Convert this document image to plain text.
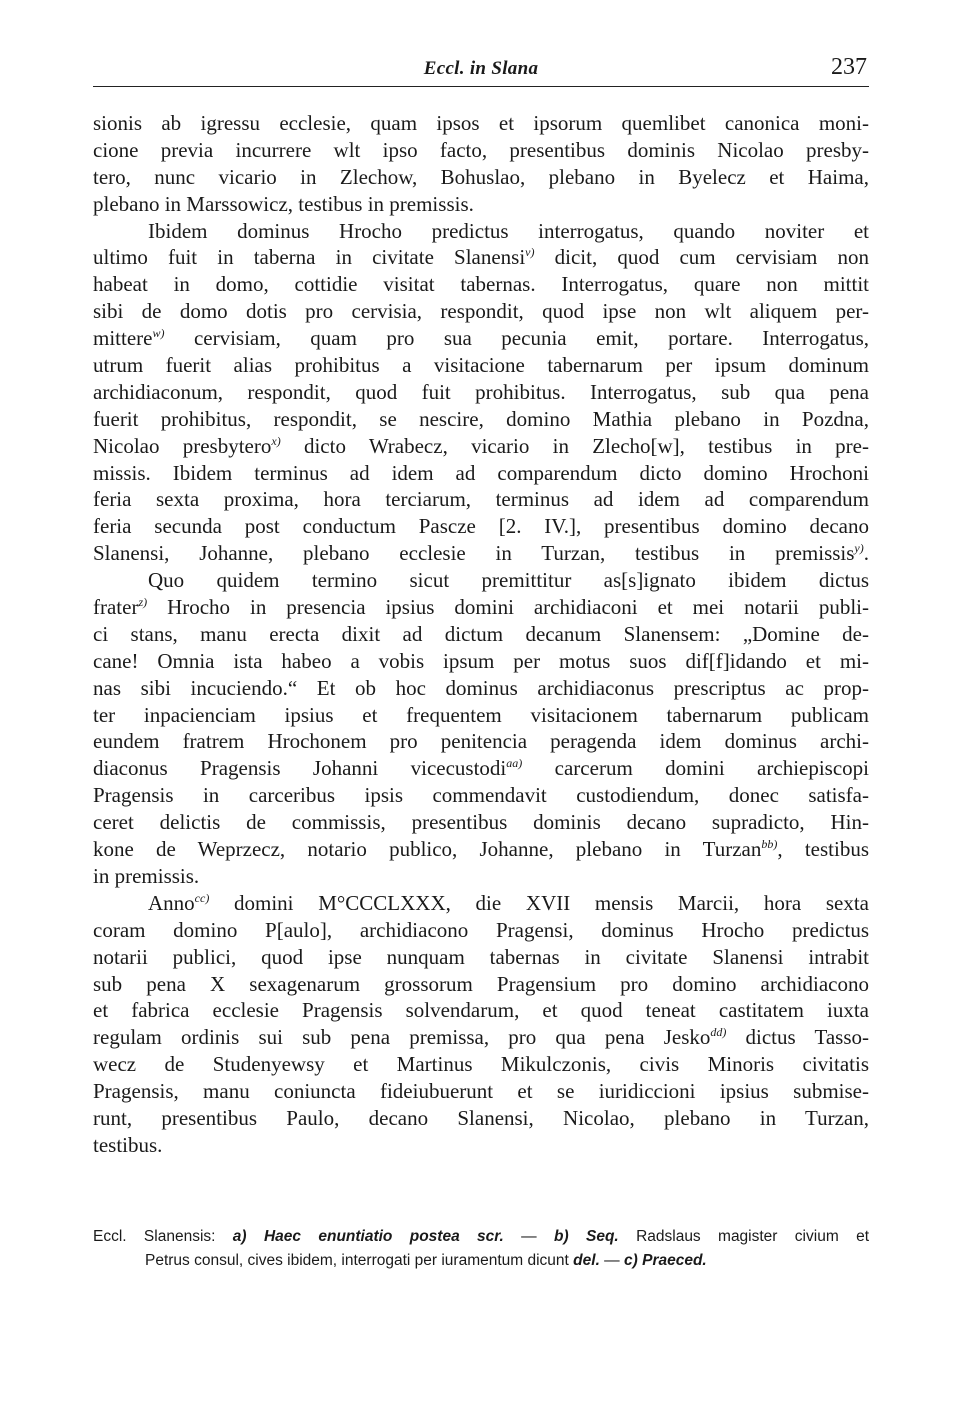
Eccl. in Slana	237
sionis ab igressu ecclesie, quam ipsos et ipsorum quemlibet canonica moni-
cione previa incurrere wlt ipso facto, presentibus dominis Nicolao presby-
tero, nunc vicario in Zlechow, Bohuslao, plebano in Byelecz et Haima,
plebano in Marssowicz, testibus in premissis.
Ibidem dominus Hrocho predictus interrogatus, quando noviter et
ultimo fuit in taberna in civitate Slanensi$^{v)}$ dicit, quod cum cervisiam non
habeat in domo, cottidie visitat tabernas. Interrogatus, quare non mittit
sibi de domo dotis pro cervisia, respondit, quod ipse non wlt aliquem per-
mittere$^{w)}$ cervisiam, quam pro sua pecunia emit, portare. Interrogatus,
utrum fuerit alias prohibitus a visitacione tabernarum per ipsum dominum
archidiaconum, respondit, quod fuit prohibitus. Interrogatus, sub qua pena
fuerit prohibitus, respondit, se nescire, domino Mathia plebano in Pozdna,
Nicolao presbytero$^{x)}$ dicto Wrabecz, vicario in Zlecho[w], testibus in pre-
missis. Ibidem terminus ad idem ad comparendum dicto domino Hrochoni
feria sexta proxima, hora terciarum, terminus ad idem ad comparendum
feria secunda post conductum Pascze [2. IV.], presentibus domino decano
Slanensi, Johanne, plebano ecclesie in Turzan, testibus in premissis$^{y)}$.
Quo quidem termino sicut premittitur as[s]ignato ibidem dictus
frater$^{z)}$ Hrocho in presencia ipsius domini archidiaconi et mei notarii publi-
ci stans, manu erecta dixit ad dictum decanum Slanensem: „Domine de-
cane! Omnia ista habeo a vobis ipsum per motus suos dif[f]idando et mi-
nas sibi incuciendo.“ Et ob hoc dominus archidiaconus prescriptus ac prop-
ter inpacienciam ipsius et frequentem visitacionem tabernarum publicam
eundem fratrem Hrochonem pro penitencia peragenda idem dominus archi-
diaconus Pragensis Johanni vicecustodi$^{aa)}$ carcerum domini archiepiscopi
Pragensis in carceribus ipsis commendavit custodiendum, donec satisfa-
ceret delictis de commissis, presentibus dominis decano supradicto, Hin-
kone de Weprzecz, notario publico, Johanne, plebano in Turzan$^{bb)}$, testibus
in premissis.
Anno$^{cc)}$ domini M°CCCLXXX, die XVII mensis Marcii, hora sexta
coram domino P[aulo], archidiacono Pragensi, dominus Hrocho predictus
notarii publici, quod ipse nunquam tabernas in civitate Slanensi intrabit
sub pena X sexagenarum grossorum Pragensium pro domino archidiacono
et fabrica ecclesie Pragensis solvendarum, et quod teneat castitatem iuxta
regulam ordinis sui sub pena premissa, pro qua pena Jesko$^{dd)}$ dictus Tasso-
wecz de Studenyewsy et Martinus Mikulczonis, civis Minoris civitatis
Pragensis, manu coniuncta fideiubuerunt et se iuridiccioni ipsius submise-
runt, presentibus Paulo, decano Slanensi, Nicolao, plebano in Turzan,
testibus.
Eccl. Slanensis: a) Haec enuntiatio postea scr. — b) Seq. Radslaus magister civium et
Petrus consul, cives ibidem, interrogati per iuramentum dicunt del. — c) Praeced.
